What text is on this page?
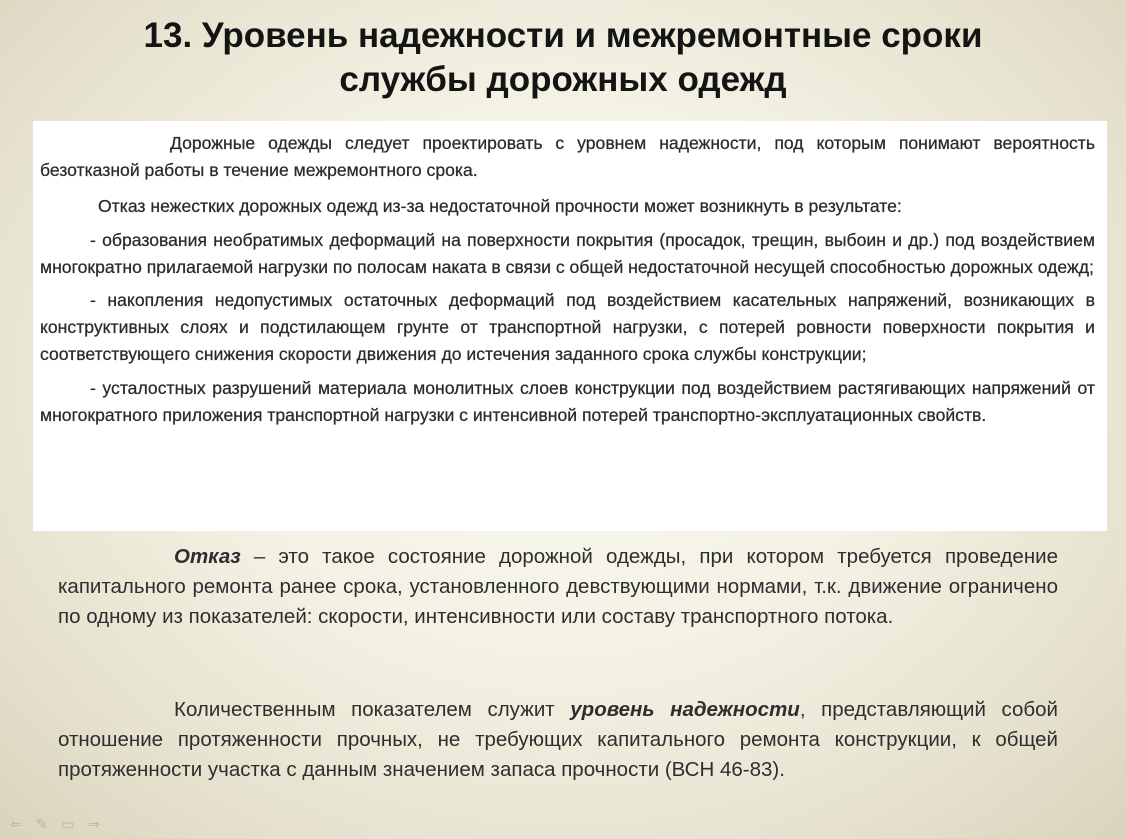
13. Уровень надежности и межремонтные сроки
службы дорожных одежд

Дорожные одежды следует проектировать с уровнем надежности, под которым понимают вероятность безотказной работы в течение межремонтного срока.

Отказ нежестких дорожных одежд из-за недостаточной прочности может возникнуть в результате:

- образования необратимых деформаций на поверхности покрытия (просадок, трещин, выбоин и др.) под воздействием многократно прилагаемой нагрузки по полосам наката в связи с общей недостаточной несущей способностью дорожных одежд;

- накопления недопустимых остаточных деформаций под воздействием касательных напряжений, возникающих в конструктивных слоях и подстилающем грунте от транспортной нагрузки, с потерей ровности поверхности покрытия и соответствующего снижения скорости движения до истечения заданного срока службы конструкции;

- усталостных разрушений материала монолитных слоев конструкции под воздействием растягивающих напряжений от многократного приложения транспортной нагрузки с интенсивной потерей транспортно-эксплуатационных свойств.

Отказ – это такое состояние дорожной одежды, при котором требуется проведение капитального ремонта ранее срока, установленного девствующими нормами, т.к. движение ограничено по одному из показателей: скорости, интенсивности или составу транспортного потока.

Количественным показателем служит уровень надежности, представляющий собой отношение протяженности прочных, не требующих капитального ремонта конструкции, к общей протяженности участка с данным значением запаса прочности (ВСН 46-83).

⇐ ✎ ▭ ⇒
